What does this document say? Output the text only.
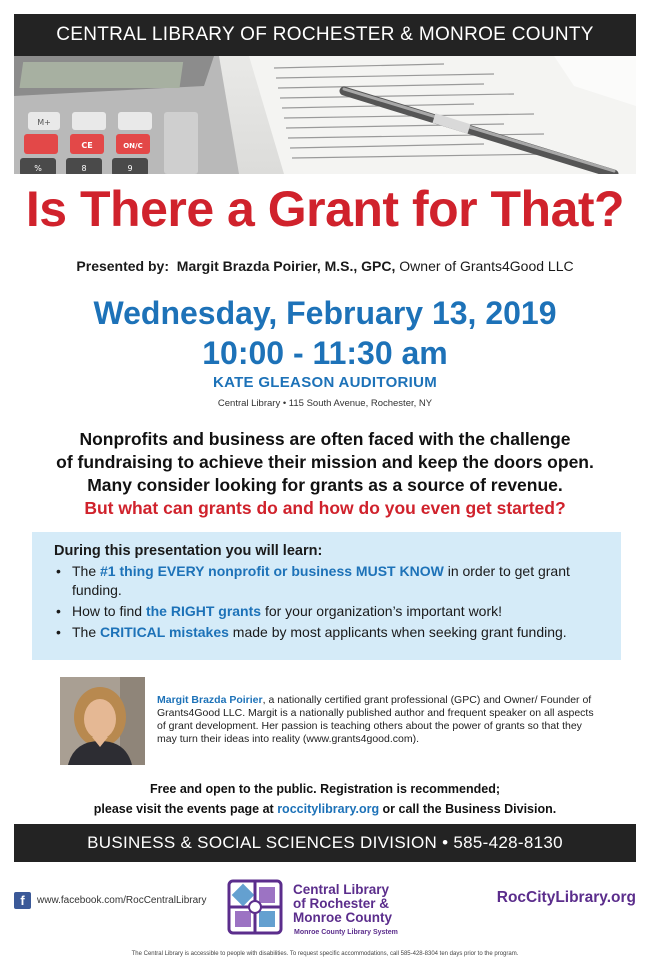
CENTRAL LIBRARY OF ROCHESTER & MONROE COUNTY
M+
CE	ON/C
%	8	9
Is There a Grant for That?
Presented by: Margit Brazda Poirier, M.S., GPC, Owner of Grants4Good LLC
Wednesday, February 13, 2019
10:00 - 11:30 am
KATE GLEASON AUDITORIUM
Central Library • 115 South Avenue, Rochester, NY
Nonprofits and business are often faced with the challenge
of fundraising to achieve their mission and keep the doors open.
Many consider looking for grants as a source of revenue.
But what can grants do and how do you even get started?
During this presentation you will learn:
• The #1 thing EVERY nonprofit or business MUST KNOW in order to get grant funding.
• How to find the RIGHT grants for your organization’s important work!
• The CRITICAL mistakes made by most applicants when seeking grant funding.
Margit Brazda Poirier, a nationally certified grant professional (GPC) and Owner/ Founder of Grants4Good LLC. Margit is a nationally published author and frequent speaker on all aspects of grant development. Her passion is teaching others about the power of grants so that they may turn their ideas into reality (www.grants4good.com).
Free and open to the public. Registration is recommended;
please visit the events page at roccitylibrary.org or call the Business Division.
BUSINESS & SOCIAL SCIENCES DIVISION • 585-428-8130
f	www.facebook.com/RocCentralLibrary
Central Library
of Rochester &
Monroe County
Monroe County Library System
RocCityLibrary.org
The Central Library is accessible to people with disabilities. To request specific accommodations, call 585-428-8304 ten days prior to the program.
